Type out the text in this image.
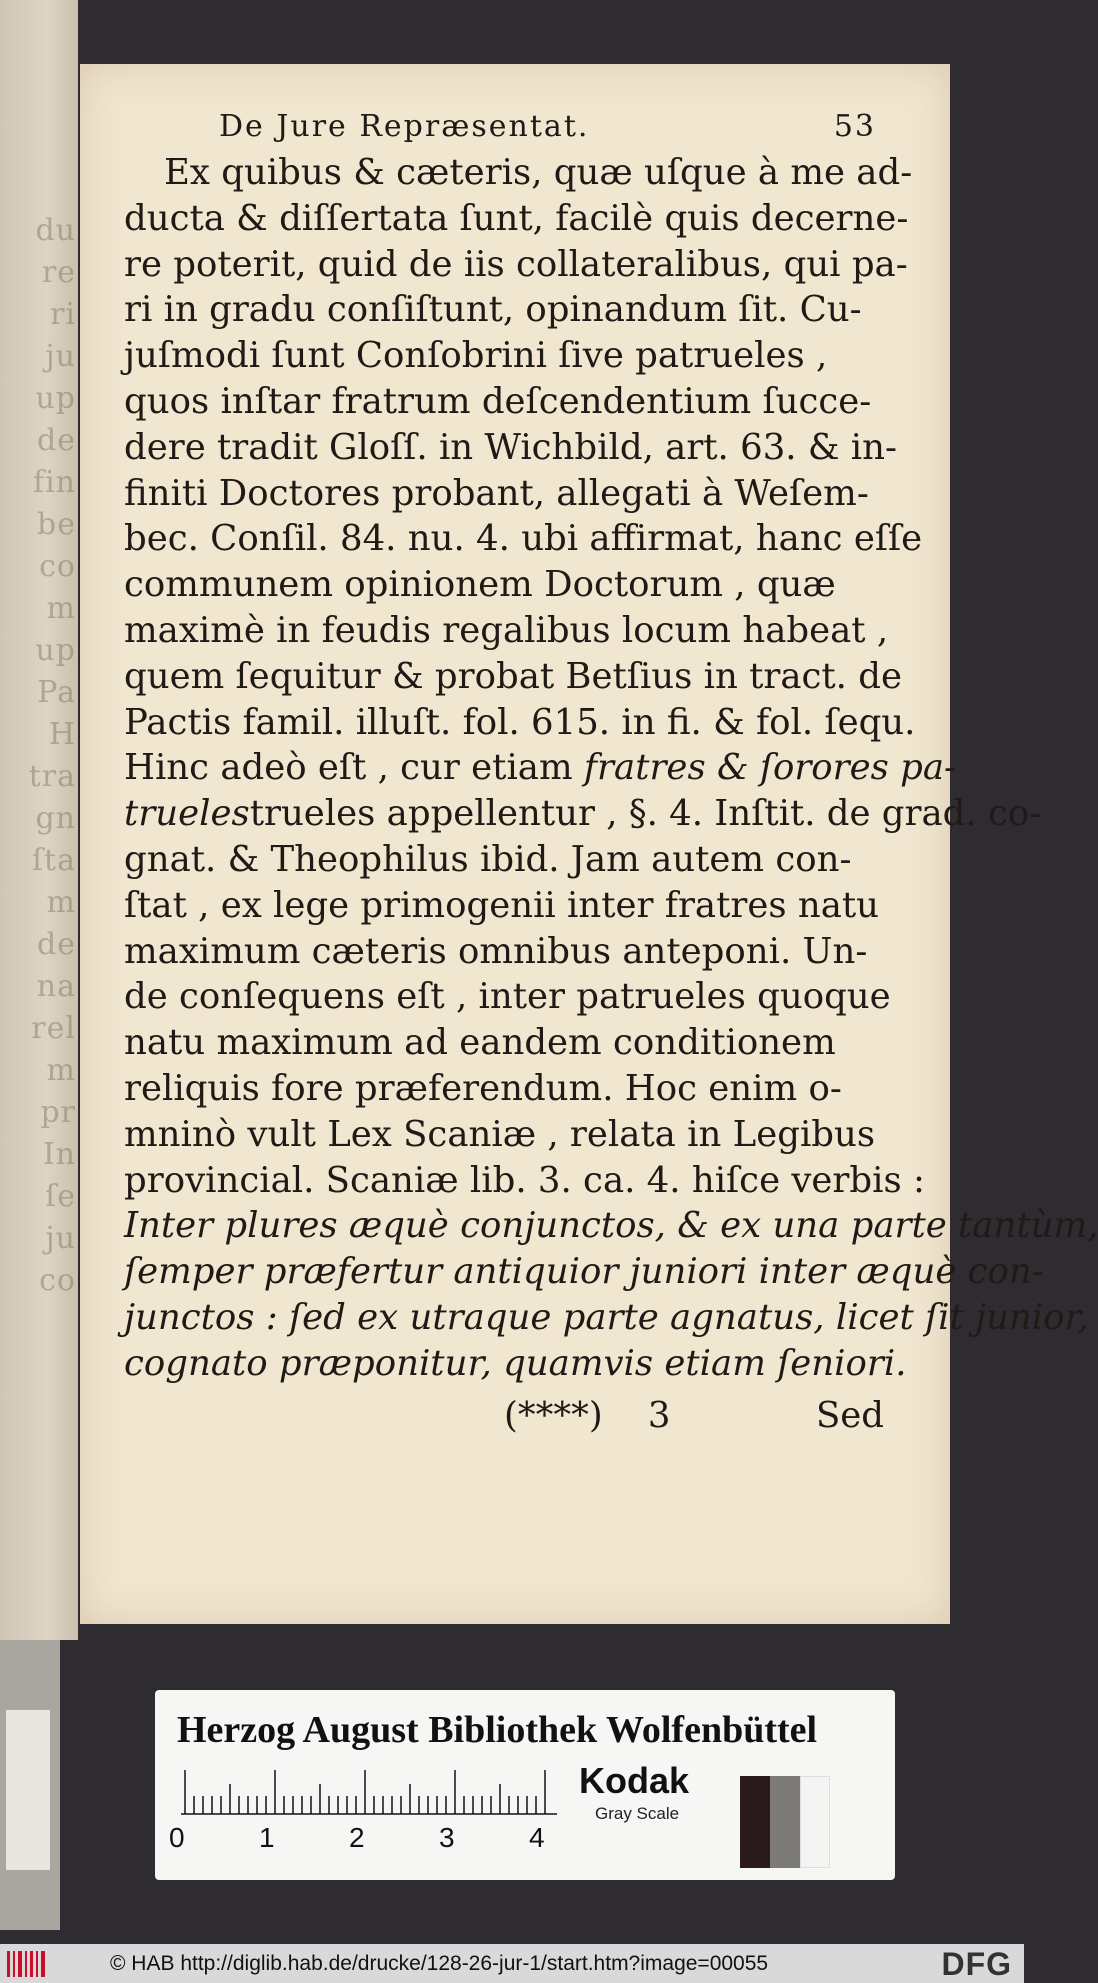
du
re
ri
ju
up
de
fin
be
co
m
up
Pa
H
tra
gn
ſta
m
de
na
rel
m
pr
In
ſe
ju
co
De Jure Repræsentat.	53
Ex quibus & cæteris, quæ uſque à me ad-
ducta & diſſertata ſunt, facilè quis decerne-
re poterit, quid de iis collateralibus, qui pa-
ri in gradu conſiſtunt, opinandum ſit. Cu-
juſmodi ſunt Conſobrini ſive patrueles ,
quos inſtar fratrum deſcendentium ſucce-
dere tradit Gloſſ. in Wichbild, art. 63. & in-
finiti Doctores probant, allegati à Weſem-
bec. Conſil. 84. nu. 4. ubi affirmat, hanc eſſe
communem opinionem Doctorum , quæ
maximè in feudis regalibus locum habeat ,
quem ſequitur & probat Betſius in tract. de
Pactis famil. illuſt. fol. 615. in fi. & fol. ſequ.
Hinc adeò eſt , cur etiam fratres & ſorores pa-
truelestrueles appellentur , §. 4. Inſtit. de grad. co-
gnat. & Theophilus ibid. Jam autem con-
ſtat , ex lege primogenii inter fratres natu
maximum cæteris omnibus anteponi. Un-
de conſequens eſt , inter patrueles quoque
natu maximum ad eandem conditionem
reliquis fore præferendum. Hoc enim o-
mninò vult Lex Scaniæ , relata in Legibus
provincial. Scaniæ lib. 3. ca. 4. hiſce verbis :
Inter plures æquè conjunctos, & ex una parte tantùm,
ſemper præfertur antiquior juniori inter æquè con-
junctos : ſed ex utraque parte agnatus, licet ſit junior,
cognato præponitur, quamvis etiam ſeniori.
(****) 3	Sed
Herzog August Bibliothek Wolfenbüttel
0	1	2	3	4
Kodak
Gray Scale
© HAB http://diglib.hab.de/drucke/128-26-jur-1/start.htm?image=00055	DFG
